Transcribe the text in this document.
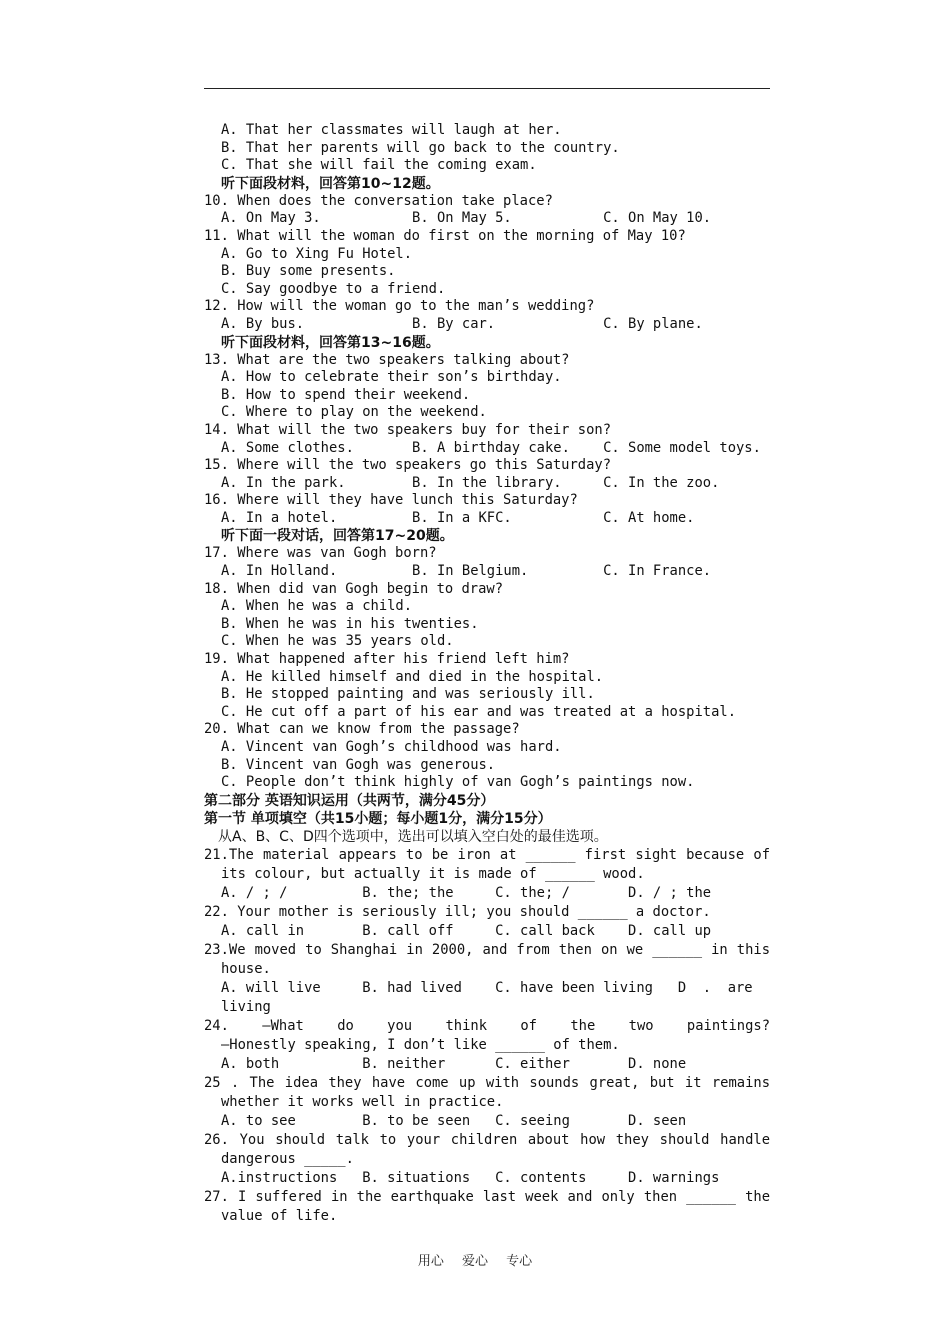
A. That her classmates will laugh at her.
B. That her parents will go back to the country.
C. That she will fail the coming exam.
听下面段材料，回答第10~12题。
10. When does the conversation take place?
A. On May 3.           B. On May 5.           C. On May 10.
11. What will the woman do first on the morning of May 10?
A. Go to Xing Fu Hotel.
B. Buy some presents.
C. Say goodbye to a friend.
12. How will the woman go to the man’s wedding?
A. By bus.             B. By car.             C. By plane.
听下面段材料，回答第13~16题。
13. What are the two speakers talking about?
A. How to celebrate their son’s birthday.
B. How to spend their weekend.
C. Where to play on the weekend.
14. What will the two speakers buy for their son?
A. Some clothes.       B. A birthday cake.    C. Some model toys.
15. Where will the two speakers go this Saturday?
A. In the park.        B. In the library.     C. In the zoo.
16. Where will they have lunch this Saturday?
A. In a hotel.         B. In a KFC.           C. At home.
听下面一段对话，回答第17~20题。
17. Where was van Gogh born?
A. In Holland.         B. In Belgium.         C. In France.
18. When did van Gogh begin to draw?
A. When he was a child.
B. When he was in his twenties.
C. When he was 35 years old.
19. What happened after his friend left him?
A. He killed himself and died in the hospital.
B. He stopped painting and was seriously ill.
C. He cut off a part of his ear and was treated at a hospital.
20. What can we know from the passage?
A. Vincent van Gogh’s childhood was hard.
B. Vincent van Gogh was generous.
C. People don’t think highly of van Gogh’s paintings now.
第二部分 英语知识运用（共两节，满分45分）
第一节 单项填空（共15小题；每小题1分，满分15分）
从A、B、C、D四个选项中，选出可以填入空白处的最佳选项。
21.The material appears to be iron at ______ first sight because of
its colour, but actually it is made of ______ wood.
A. / ; /         B. the; the     C. the; /       D. / ; the
22. Your mother is seriously ill; you should ______ a doctor.
A. call in       B. call off     C. call back    D. call up
23.We moved to Shanghai in 2000, and from then on we ______ in this
house.
A. will live     B. had lived    C. have been living   D  .  are
living
24. —What do you think of the two paintings?
—Honestly speaking, I don’t like ______ of them.
A. both          B. neither      C. either       D. none
25 . The idea they have come up with sounds great, but it remains
whether it works well in practice.
A. to see        B. to be seen   C. seeing       D. seen
26. You should talk to your children about how they should handle
dangerous _____.
A.instructions   B. situations   C. contents     D. warnings
27. I suffered in the earthquake last week and only then ______ the
value of life.
用心 爱心 专心
